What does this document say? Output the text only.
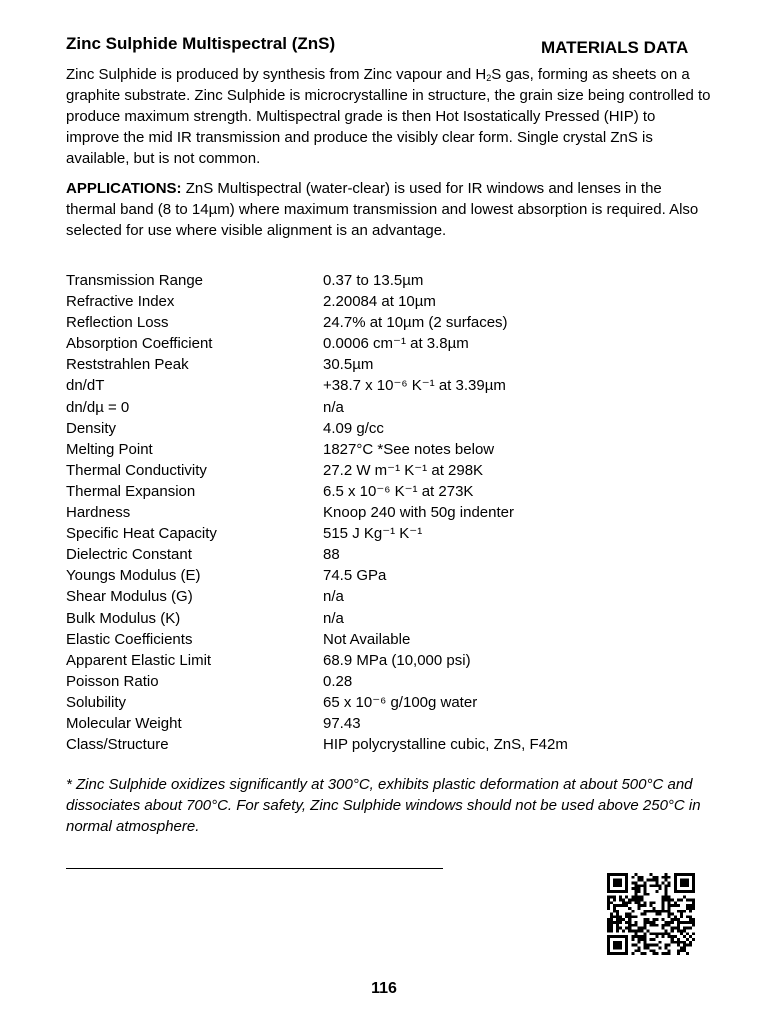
Zinc Sulphide Multispectral (ZnS)	MATERIALS DATA

Zinc Sulphide is produced by synthesis from Zinc vapour and $H_2S$ gas, forming as sheets on a graphite substrate. Zinc Sulphide is microcrystalline in structure, the grain size being controlled to produce maximum strength. Multispectral grade is then Hot Isostatically Pressed (HIP) to improve the mid IR transmission and produce the visibly clear form. Single crystal ZnS is available, but is not common.

APPLICATIONS: ZnS Multispectral (water-clear) is used for IR windows and lenses in the thermal band (8 to 14µm) where maximum transmission and lowest absorption is required. Also selected for use where visible alignment is an advantage.

Transmission Range	0.37 to 13.5µm
Refractive Index	2.20084 at 10µm
Reflection Loss	24.7% at 10µm (2 surfaces)
Absorption Coefficient	0.0006 cm⁻¹ at 3.8µm
Reststrahlen Peak	30.5µm
dn/dT	+38.7 x 10⁻⁶ K⁻¹ at 3.39µm
dn/dµ = 0	n/a
Density	4.09 g/cc
Melting Point	1827°C *See notes below
Thermal Conductivity	27.2 W m⁻¹ K⁻¹ at 298K
Thermal Expansion	6.5 x 10⁻⁶ K⁻¹ at 273K
Hardness	Knoop 240 with 50g indenter
Specific Heat Capacity	515 J Kg⁻¹ K⁻¹
Dielectric Constant	88
Youngs Modulus (E)	74.5 GPa
Shear Modulus (G)	n/a
Bulk Modulus (K)	n/a
Elastic Coefficients	Not Available
Apparent Elastic Limit	68.9 MPa (10,000 psi)
Poisson Ratio	0.28
Solubility	65 x 10⁻⁶ g/100g water
Molecular Weight	97.43
Class/Structure	HIP polycrystalline cubic, ZnS, F42m

* Zinc Sulphide oxidizes significantly at 300°C, exhibits plastic deformation at about 500°C and dissociates about 700°C. For safety, Zinc Sulphide windows should not be used above 250°C in normal atmosphere.

116
